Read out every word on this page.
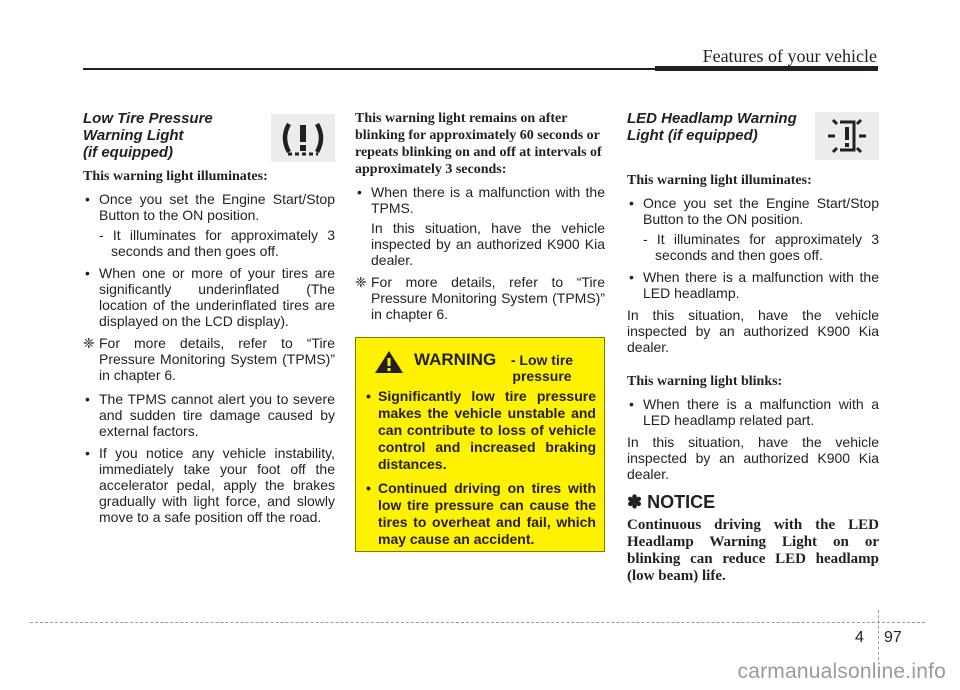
Features of your vehicle
Low Tire Pressure
Warning Light
(if equipped)

This warning light illuminates:

• Once you set the Engine Start/Stop Button to the ON position.
- It illuminates for approximately 3 seconds and then goes off.
• When one or more of your tires are significantly underinflated (The location of the underinflated tires are displayed on the LCD display).

❈ For more details, refer to “Tire Pressure Monitoring System (TPMS)” in chapter 6.

• The TPMS cannot alert you to severe and sudden tire damage caused by external factors.
• If you notice any vehicle instability, immediately take your foot off the accelerator pedal, apply the brakes gradually with light force, and slowly move to a safe position off the road.

This warning light remains on after blinking for approximately 60 seconds or repeats blinking on and off at intervals of approximately 3 seconds:

• When there is a malfunction with the TPMS.
In this situation, have the vehicle inspected by an authorized K900 Kia dealer.

❈ For more details, refer to “Tire Pressure Monitoring System (TPMS)” in chapter 6.

WARNING	- Low tire pressure
• Significantly low tire pressure makes the vehicle unstable and can contribute to loss of vehicle control and increased braking distances.
• Continued driving on tires with low tire pressure can cause the tires to overheat and fail, which may cause an accident.
LED Headlamp Warning
Light (if equipped)

This warning light illuminates:

• Once you set the Engine Start/Stop Button to the ON position.
- It illuminates for approximately 3 seconds and then goes off.
• When there is a malfunction with the LED headlamp.

In this situation, have the vehicle inspected by an authorized K900 Kia dealer.

This warning light blinks:

• When there is a malfunction with a LED headlamp related part.

In this situation, have the vehicle inspected by an authorized K900 Kia dealer.

✽ NOTICE

Continuous driving with the LED Headlamp Warning Light on or blinking can reduce LED headlamp (low beam) life.

4 97
carmanualsonline.info
